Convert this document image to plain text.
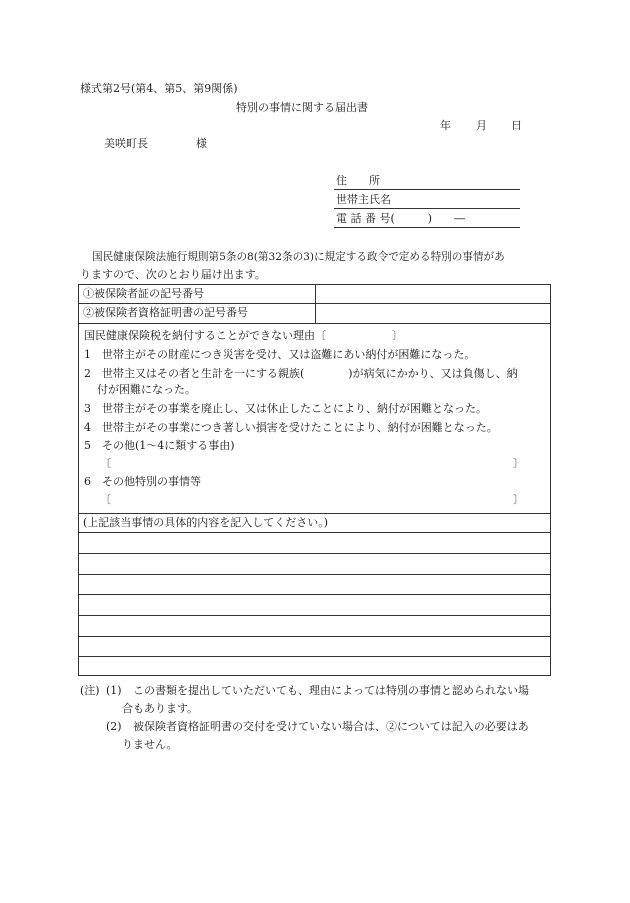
様式第2号(第4、第5、第9関係)
特別の事情に関する届出書
年 月 日
美咲町長	様
住　　所
世帯主氏名
電 話 番 号(　　　)　　―
国民健康保険法施行規則第5条の8(第32条の3)に規定する政令で定める特別の事情があ
りますので、次のとおり届け出ます。
①被保険者証の記号番号
②被保険者資格証明書の記号番号
国民健康保険税を納付することができない理由〔　　　　　　〕
1　世帯主がその財産につき災害を受け、又は盗難にあい納付が困難になった。
2　世帯主又はその者と生計を一にする親族(　　　　)が病気にかかり、又は負傷し、納
付が困難になった。
3　世帯主がその事業を廃止し、又は休止したことにより、納付が困難となった。
4　世帯主がその事業につき著しい損害を受けたことにより、納付が困難となった。
5　その他(1〜4に類する事由)
〔	〕
6　その他特別の事情等
〔	〕
(上記該当事情の具体的内容を記入してください。)
(注) (1) この書類を提出していただいても、理由によっては特別の事情と認められない場
合もあります。
(2) 被保険者資格証明書の交付を受けていない場合は、②については記入の必要はあ
りません。
